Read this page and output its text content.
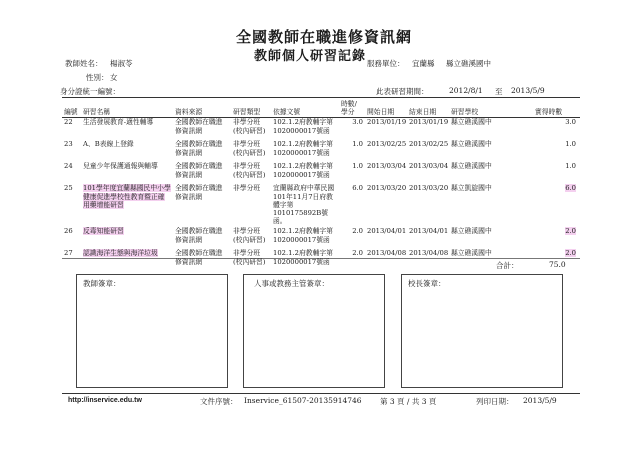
全國教師在職進修資訊網
教師個人研習記錄
教師姓名： 楊淑苓
性別： 女
身分證統一編號：
服務單位： 宜蘭縣 縣立礁溪國中
此表研習期間：	2012/8/1 至 2013/5/9
編號	研習名稱	資料來源	研習類型	依據文號	時數/學分	開始日期	結束日期	研習學校	實得時數
22	生活發展教育-適性輔導	全國教師在職進修資訊網	非學分班(校內研習)	102.1.2府教輔字第1020000017號函	3.0	2013/01/19	2013/01/19	縣立礁溪國中	3.0
23	A、B表線上登錄	全國教師在職進修資訊網	非學分班(校內研習)	102.1.2府教輔字第1020000017號函	1.0	2013/02/25	2013/02/25	縣立礁溪國中	1.0
24	兒童少年保護通報與輔導	全國教師在職進修資訊網	非學分班(校內研習)	102.1.2府教輔字第1020000017號函	1.0	2013/03/04	2013/03/04	縣立礁溪國中	1.0
25	101學年度宜蘭縣國民中小學健康促進學校性教育暨正確用藥增能研習	全國教師在職進修資訊網	非學分班	宜蘭縣政府中華民國101年11月7日府教體字第1010175892B號函。	6.0	2013/03/20	2013/03/20	縣立凱旋國中	6.0
26	反毒知能研習	全國教師在職進修資訊網	非學分班(校內研習)	102.1.2府教輔字第1020000017號函	2.0	2013/04/01	2013/04/01	縣立礁溪國中	2.0
27	認識海洋生態與海洋垃圾	全國教師在職進修資訊網	非學分班(校內研習)	102.1.2府教輔字第1020000017號函	2.0	2013/04/08	2013/04/08	縣立礁溪國中	2.0
合計：	75.0
教師簽章：	人事或教務主管簽章：	校長簽章：
http://inservice.edu.tw	文件序號： Inservice_61507-20135914746 第 3 頁 / 共 3 頁	列印日期： 2013/5/9
